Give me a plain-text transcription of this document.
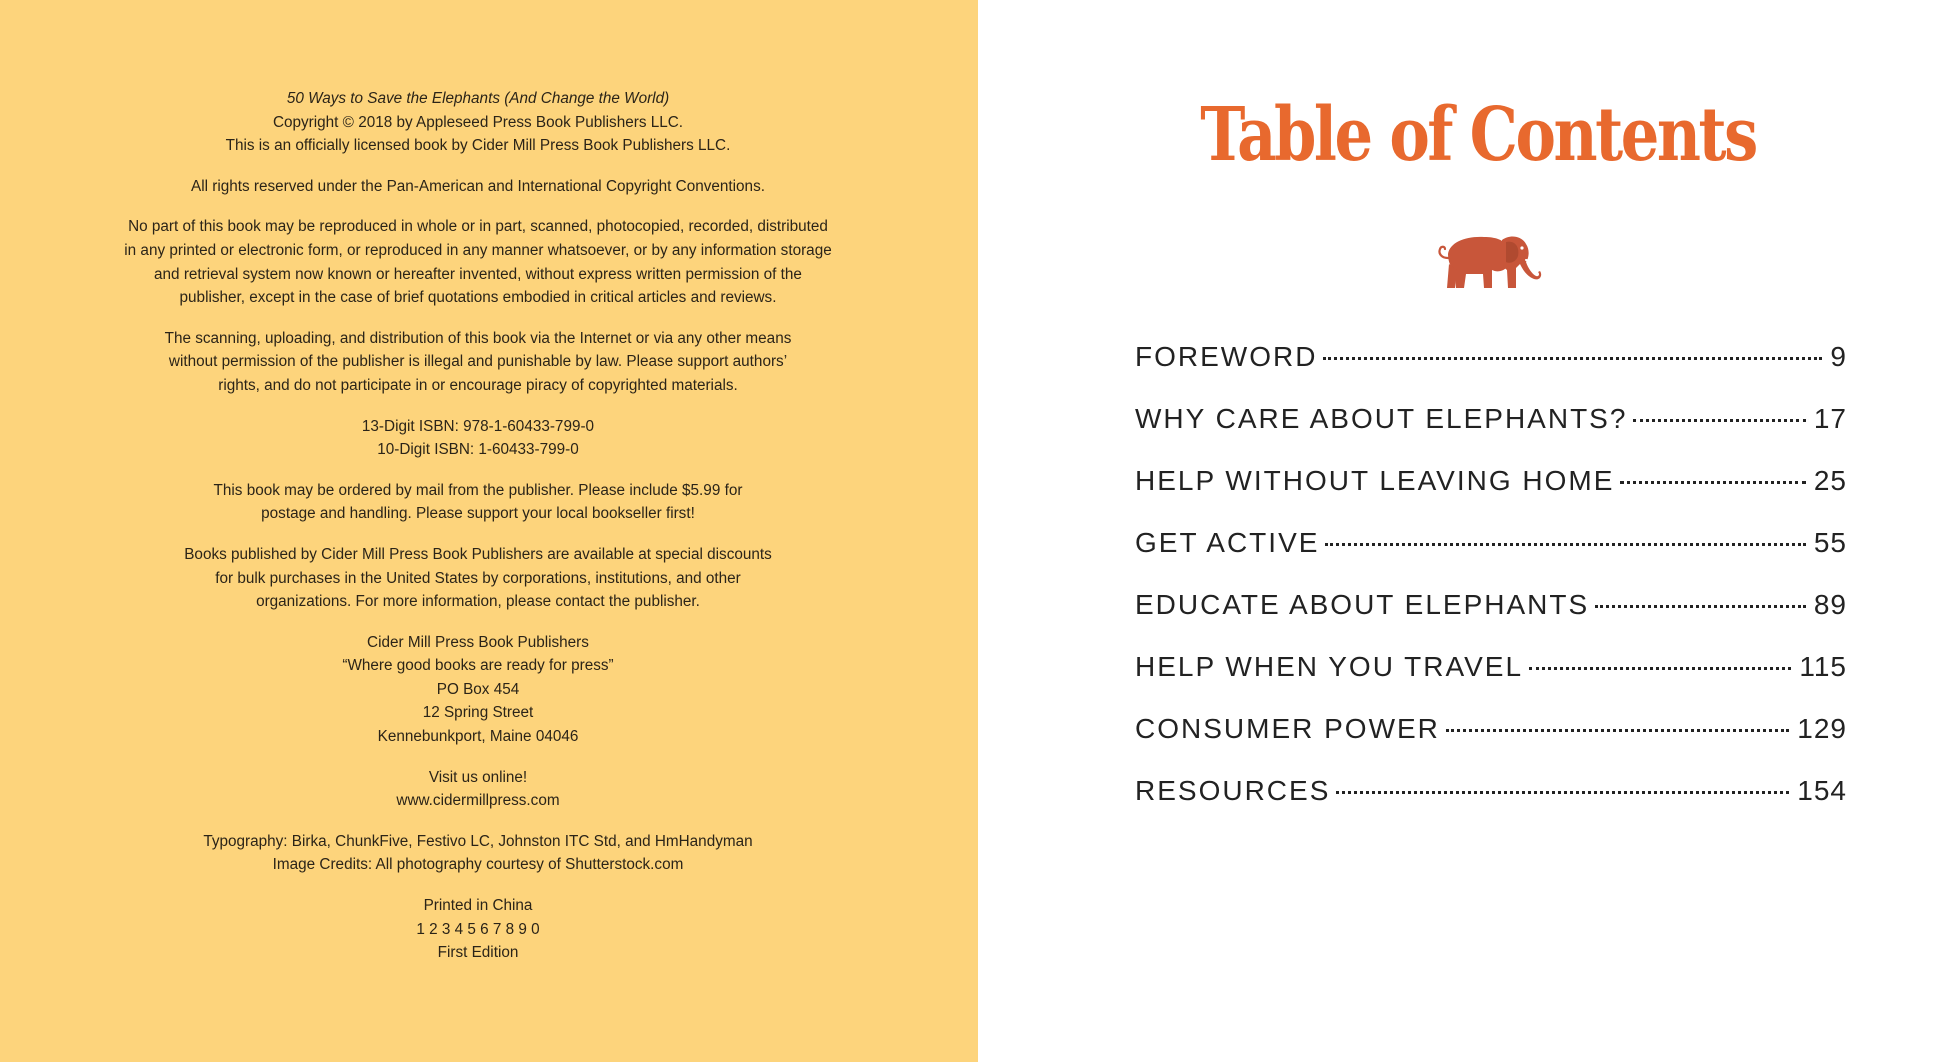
50 Ways to Save the Elephants (And Change the World)
Copyright © 2018 by Appleseed Press Book Publishers LLC.
This is an officially licensed book by Cider Mill Press Book Publishers LLC.

All rights reserved under the Pan-American and International Copyright Conventions.

No part of this book may be reproduced in whole or in part, scanned, photocopied, recorded, distributed
in any printed or electronic form, or reproduced in any manner whatsoever, or by any information storage
and retrieval system now known or hereafter invented, without express written permission of the
publisher, except in the case of brief quotations embodied in critical articles and reviews.

The scanning, uploading, and distribution of this book via the Internet or via any other means
without permission of the publisher is illegal and punishable by law. Please support authors’
rights, and do not participate in or encourage piracy of copyrighted materials.

13-Digit ISBN: 978-1-60433-799-0
10-Digit ISBN: 1-60433-799-0

This book may be ordered by mail from the publisher. Please include $5.99 for
postage and handling. Please support your local bookseller first!

Books published by Cider Mill Press Book Publishers are available at special discounts
for bulk purchases in the United States by corporations, institutions, and other
organizations. For more information, please contact the publisher.

Cider Mill Press Book Publishers
“Where good books are ready for press”
PO Box 454
12 Spring Street
Kennebunkport, Maine 04046

Visit us online!
www.cidermillpress.com

Typography: Birka, ChunkFive, Festivo LC, Johnston ITC Std, and HmHandyman
Image Credits: All photography courtesy of Shutterstock.com

Printed in China
1 2 3 4 5 6 7 8 9 0
First Edition

Table of Contents
FOREWORD	9
WHY CARE ABOUT ELEPHANTS?	17
HELP WITHOUT LEAVING HOME	25
GET ACTIVE	55
EDUCATE ABOUT ELEPHANTS	89
HELP WHEN YOU TRAVEL	115
CONSUMER POWER	129
RESOURCES	154
